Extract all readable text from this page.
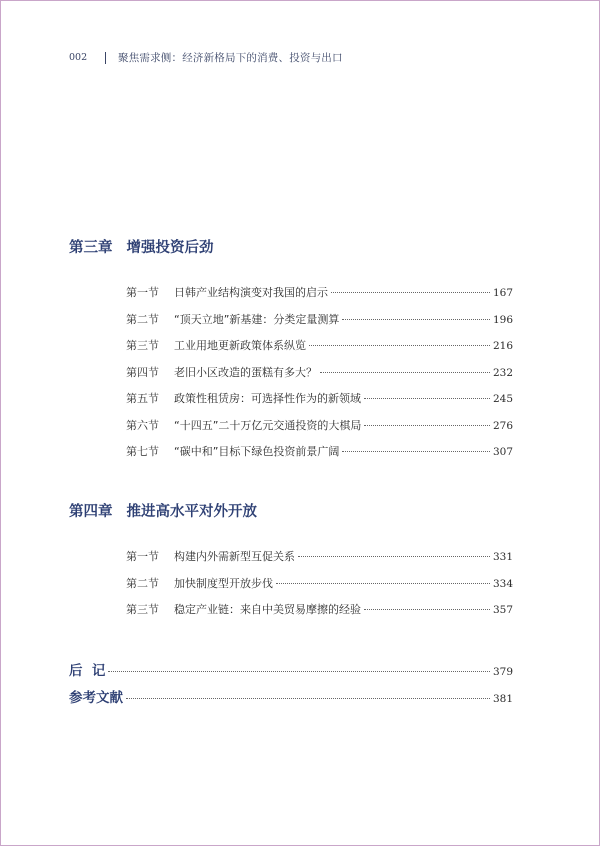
002	聚焦需求侧：经济新格局下的消费、投资与出口
第三章 增强投资后劲
第一节	日韩产业结构演变对我国的启示	167
第二节	“顶天立地”新基建：分类定量测算	196
第三节	工业用地更新政策体系纵览	216
第四节	老旧小区改造的蛋糕有多大？	232
第五节	政策性租赁房：可选择性作为的新领域	245
第六节	“十四五”二十万亿元交通投资的大棋局	276
第七节	“碳中和”目标下绿色投资前景广阔	307
第四章 推进高水平对外开放
第一节	构建内外需新型互促关系	331
第二节	加快制度型开放步伐	334
第三节	稳定产业链：来自中美贸易摩擦的经验	357
后  记	379
参考文献	381
